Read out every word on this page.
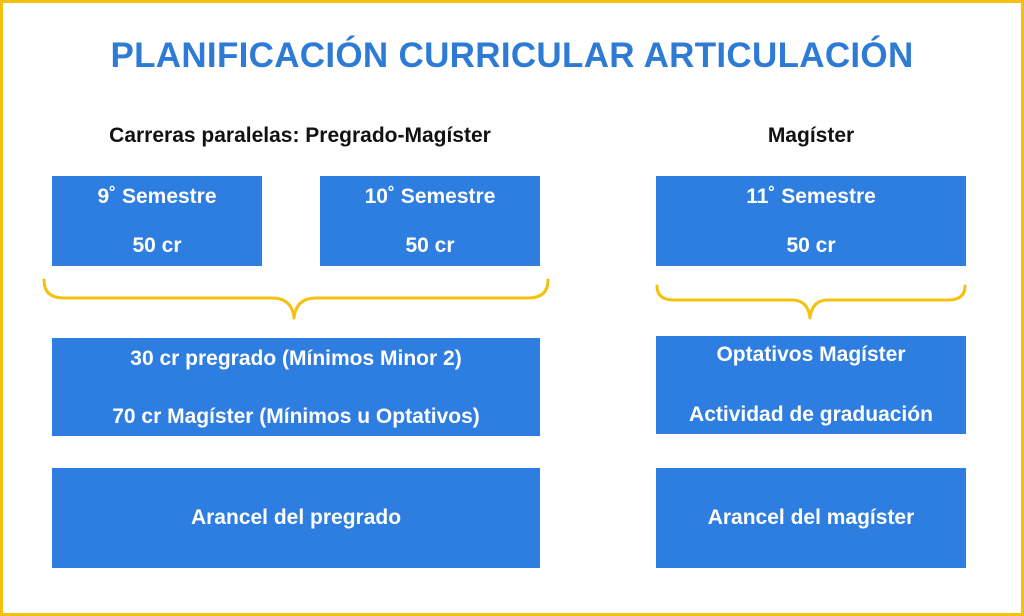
PLANIFICACIÓN CURRICULAR ARTICULACIÓN
Carreras paralelas: Pregrado-Magíster	Magíster
9˚ Semestre
50 cr
10˚ Semestre
50 cr
11˚ Semestre
50 cr
30 cr pregrado (Mínimos Minor 2)
70 cr Magíster (Mínimos u Optativos)
Optativos Magíster
Actividad de graduación
Arancel del pregrado	Arancel del magíster
